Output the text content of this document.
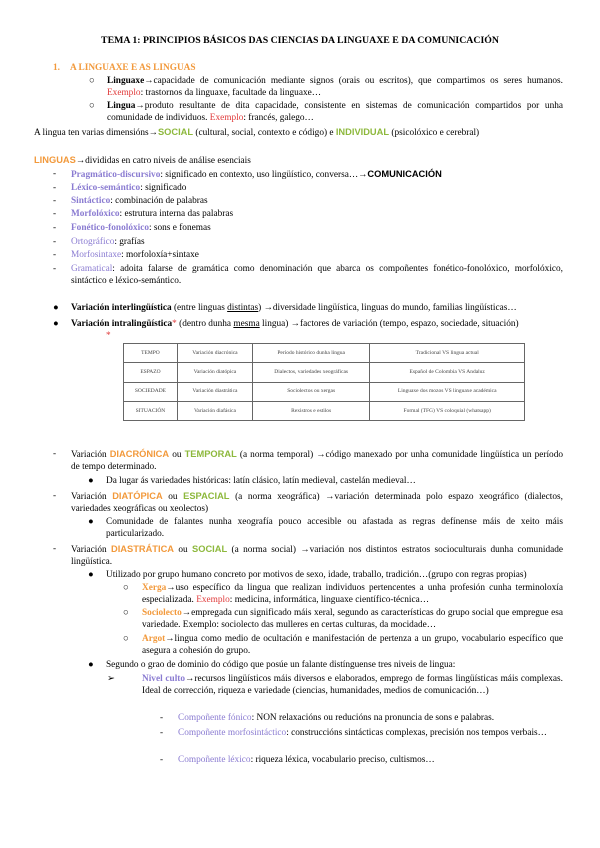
TEMA 1: PRINCIPIOS BÁSICOS DAS CIENCIAS DA LINGUAXE E DA COMUNICACIÓN
1. A LINGUAXE E AS LINGUAS
○ Linguaxe→capacidade de comunicación mediante signos (orais ou escritos), que compartimos os seres humanos. Exemplo: trastornos da linguaxe, facultade da linguaxe…
○ Lingua→produto resultante de dita capacidade, consistente en sistemas de comunicación compartidos por unha comunidade de individuos. Exemplo: francés, galego…
A lingua ten varias dimensións→SOCIAL (cultural, social, contexto e código) e INDIVIDUAL (psicolóxico e cerebral)
LINGUAS→divididas en catro niveis de análise esenciais
- Pragmático-discursivo: significado en contexto, uso lingüístico, conversa…→COMUNICACIÓN
- Léxico-semántico: significado
- Sintáctico: combinación de palabras
- Morfolóxico: estrutura interna das palabras
- Fonético-fonolóxico: sons e fonemas
- Ortográfico: grafías
- Morfosintaxe: morfoloxía+sintaxe
- Gramatical: adoita falarse de gramática como denominación que abarca os compoñentes fonético-fonolóxico, morfolóxico, sintáctico e léxico-semántico.
● Variación interlingüística (entre linguas distintas) →diversidade lingüística, linguas do mundo, familias lingüísticas…
● Variación intralingüística* (dentro dunha mesma lingua) →factores de variación (tempo, espazo, sociedade, situación)
*
TEMPO	Variación diacrónica	Período histórico dunha lingua	Tradicional VS lingua actual
ESPAZO	Variación diatópica	Dialectos, variedades xeográficas	Español de Colombia VS Andaluz
SOCIEDADE	Variación diastrática	Sociolectos ou xergas	Linguaxe dos mozos VS linguaxe académica
SITUACIÓN	Variación diafásica	Rexistros e estilos	Formal (TFG) VS coloquial (whatsapp)
- Variación DIACRÓNICA ou TEMPORAL (a norma temporal) →código manexado por unha comunidade lingüística un período de tempo determinado.
● Da lugar ás variedades históricas: latín clásico, latín medieval, castelán medieval…
- Variación DIATÓPICA ou ESPACIAL (a norma xeográfica) →variación determinada polo espazo xeográfico (dialectos, variedades xeográficas ou xeolectos)
● Comunidade de falantes nunha xeografía pouco accesible ou afastada as regras defínense máis de xeito máis particularizado.
- Variación DIASTRÁTICA ou SOCIAL (a norma social) →variación nos distintos estratos socioculturais dunha comunidade lingüística.
● Utilizado por grupo humano concreto por motivos de sexo, idade, traballo, tradición…(grupo con regras propias)
○ Xerga→uso específico da lingua que realizan individuos pertencentes a unha profesión cunha terminoloxía especializada. Exemplo: medicina, informática, linguaxe científico-técnica…
○ Sociolecto→empregada cun significado máis xeral, segundo as características do grupo social que empregue esa variedade. Exemplo: sociolecto das mulleres en certas culturas, da mocidade…
○ Argot→lingua como medio de ocultación e manifestación de pertenza a un grupo, vocabulario específico que asegura a cohesión do grupo.
● Segundo o grao de dominio do código que posúe un falante distínguense tres niveis de lingua:
➢	Nivel culto→recursos lingüísticos máis diversos e elaborados, emprego de formas lingüísticas máis complexas. Ideal de corrección, riqueza e variedade (ciencias, humanidades, medios de comunicación…)
- Compoñente fónico: NON relaxacións ou reducións na pronuncia de sons e palabras.
- Compoñente morfosintáctico: construccións sintácticas complexas, precisión nos tempos verbais…
- Compoñente léxico: riqueza léxica, vocabulario preciso, cultismos…
